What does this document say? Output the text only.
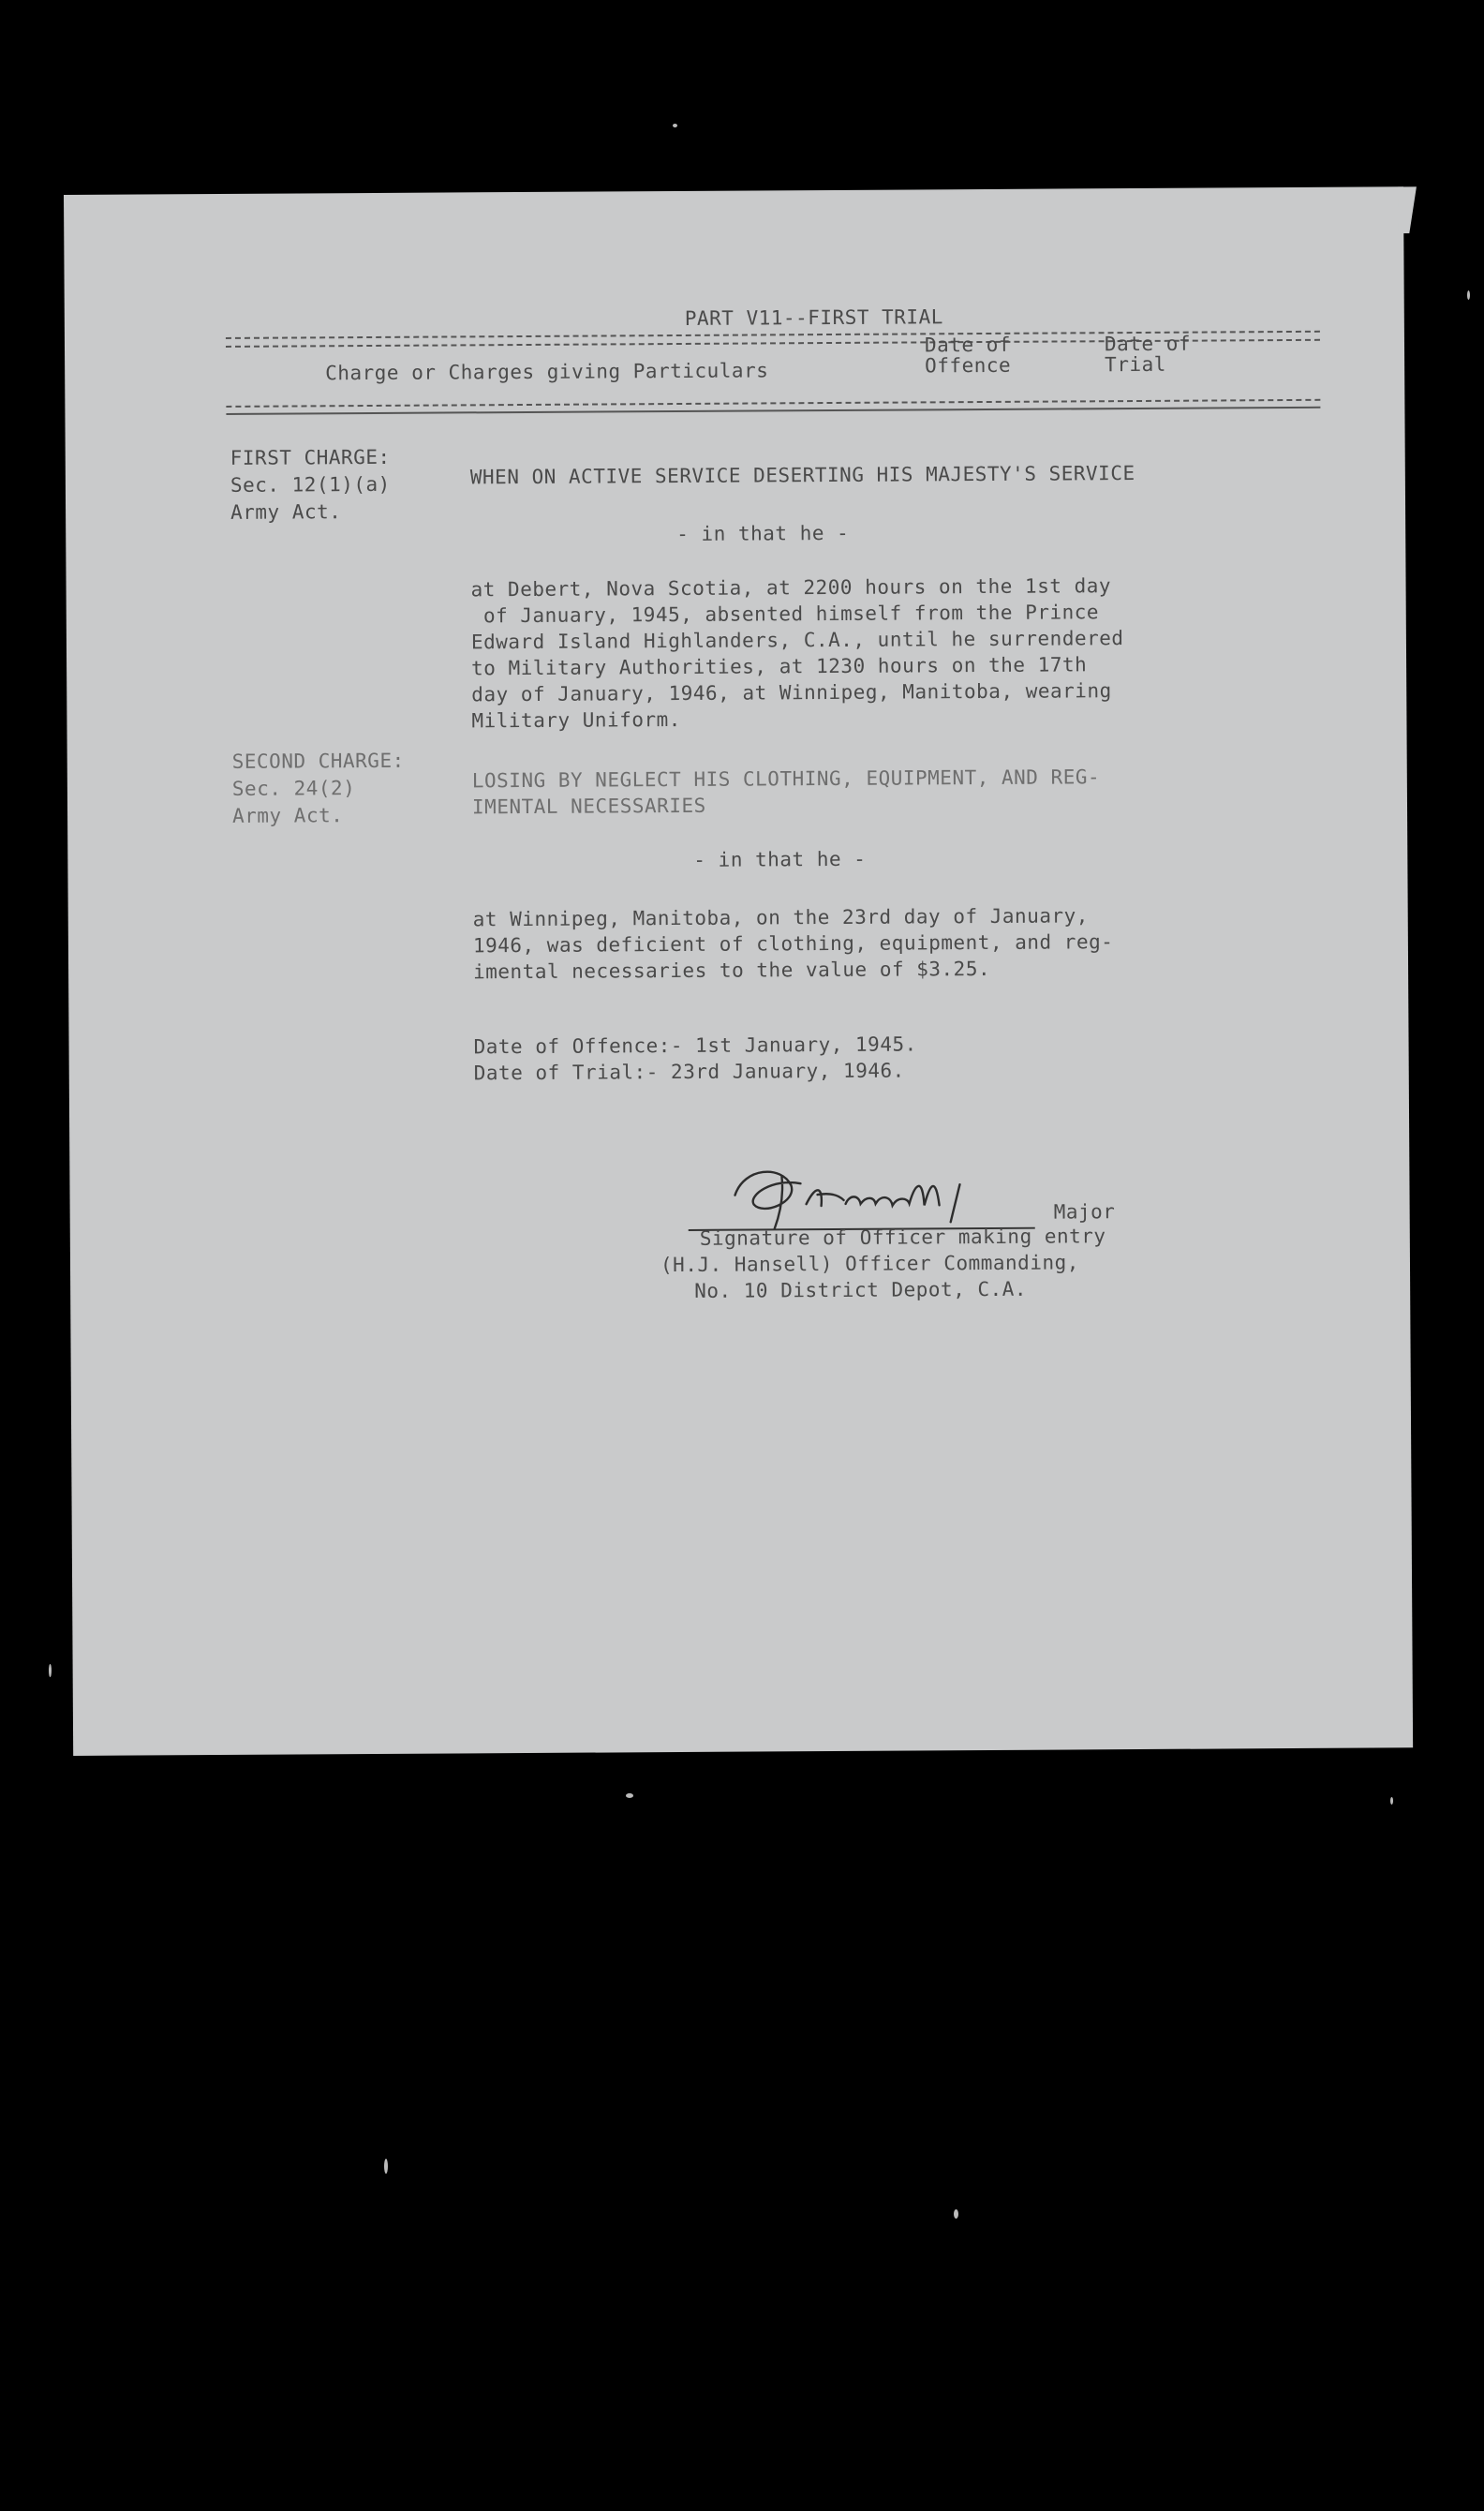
PART V11--FIRST TRIAL
Charge or Charges giving Particulars
Date of
Offence
Date of
Trial
FIRST CHARGE:
Sec. 12(1)(a)
Army Act.
WHEN ON ACTIVE SERVICE DESERTING HIS MAJESTY'S SERVICE
- in that he -
at Debert, Nova Scotia, at 2200 hours on the 1st day
of January, 1945, absented himself from the Prince
Edward Island Highlanders, C.A., until he surrendered
to Military Authorities, at 1230 hours on the 17th
day of January, 1946, at Winnipeg, Manitoba, wearing
Military Uniform.
SECOND CHARGE:
Sec. 24(2)
Army Act.
LOSING BY NEGLECT HIS CLOTHING, EQUIPMENT, AND REG-
IMENTAL NECESSARIES
- in that he -
at Winnipeg, Manitoba, on the 23rd day of January,
1946, was deficient of clothing, equipment, and reg-
imental necessaries to the value of $3.25.
Date of Offence:- 1st January, 1945.
Date of Trial:- 23rd January, 1946.
Major
Signature of Officer making entry
(H.J. Hansell) Officer Commanding,
No. 10 District Depot, C.A.
